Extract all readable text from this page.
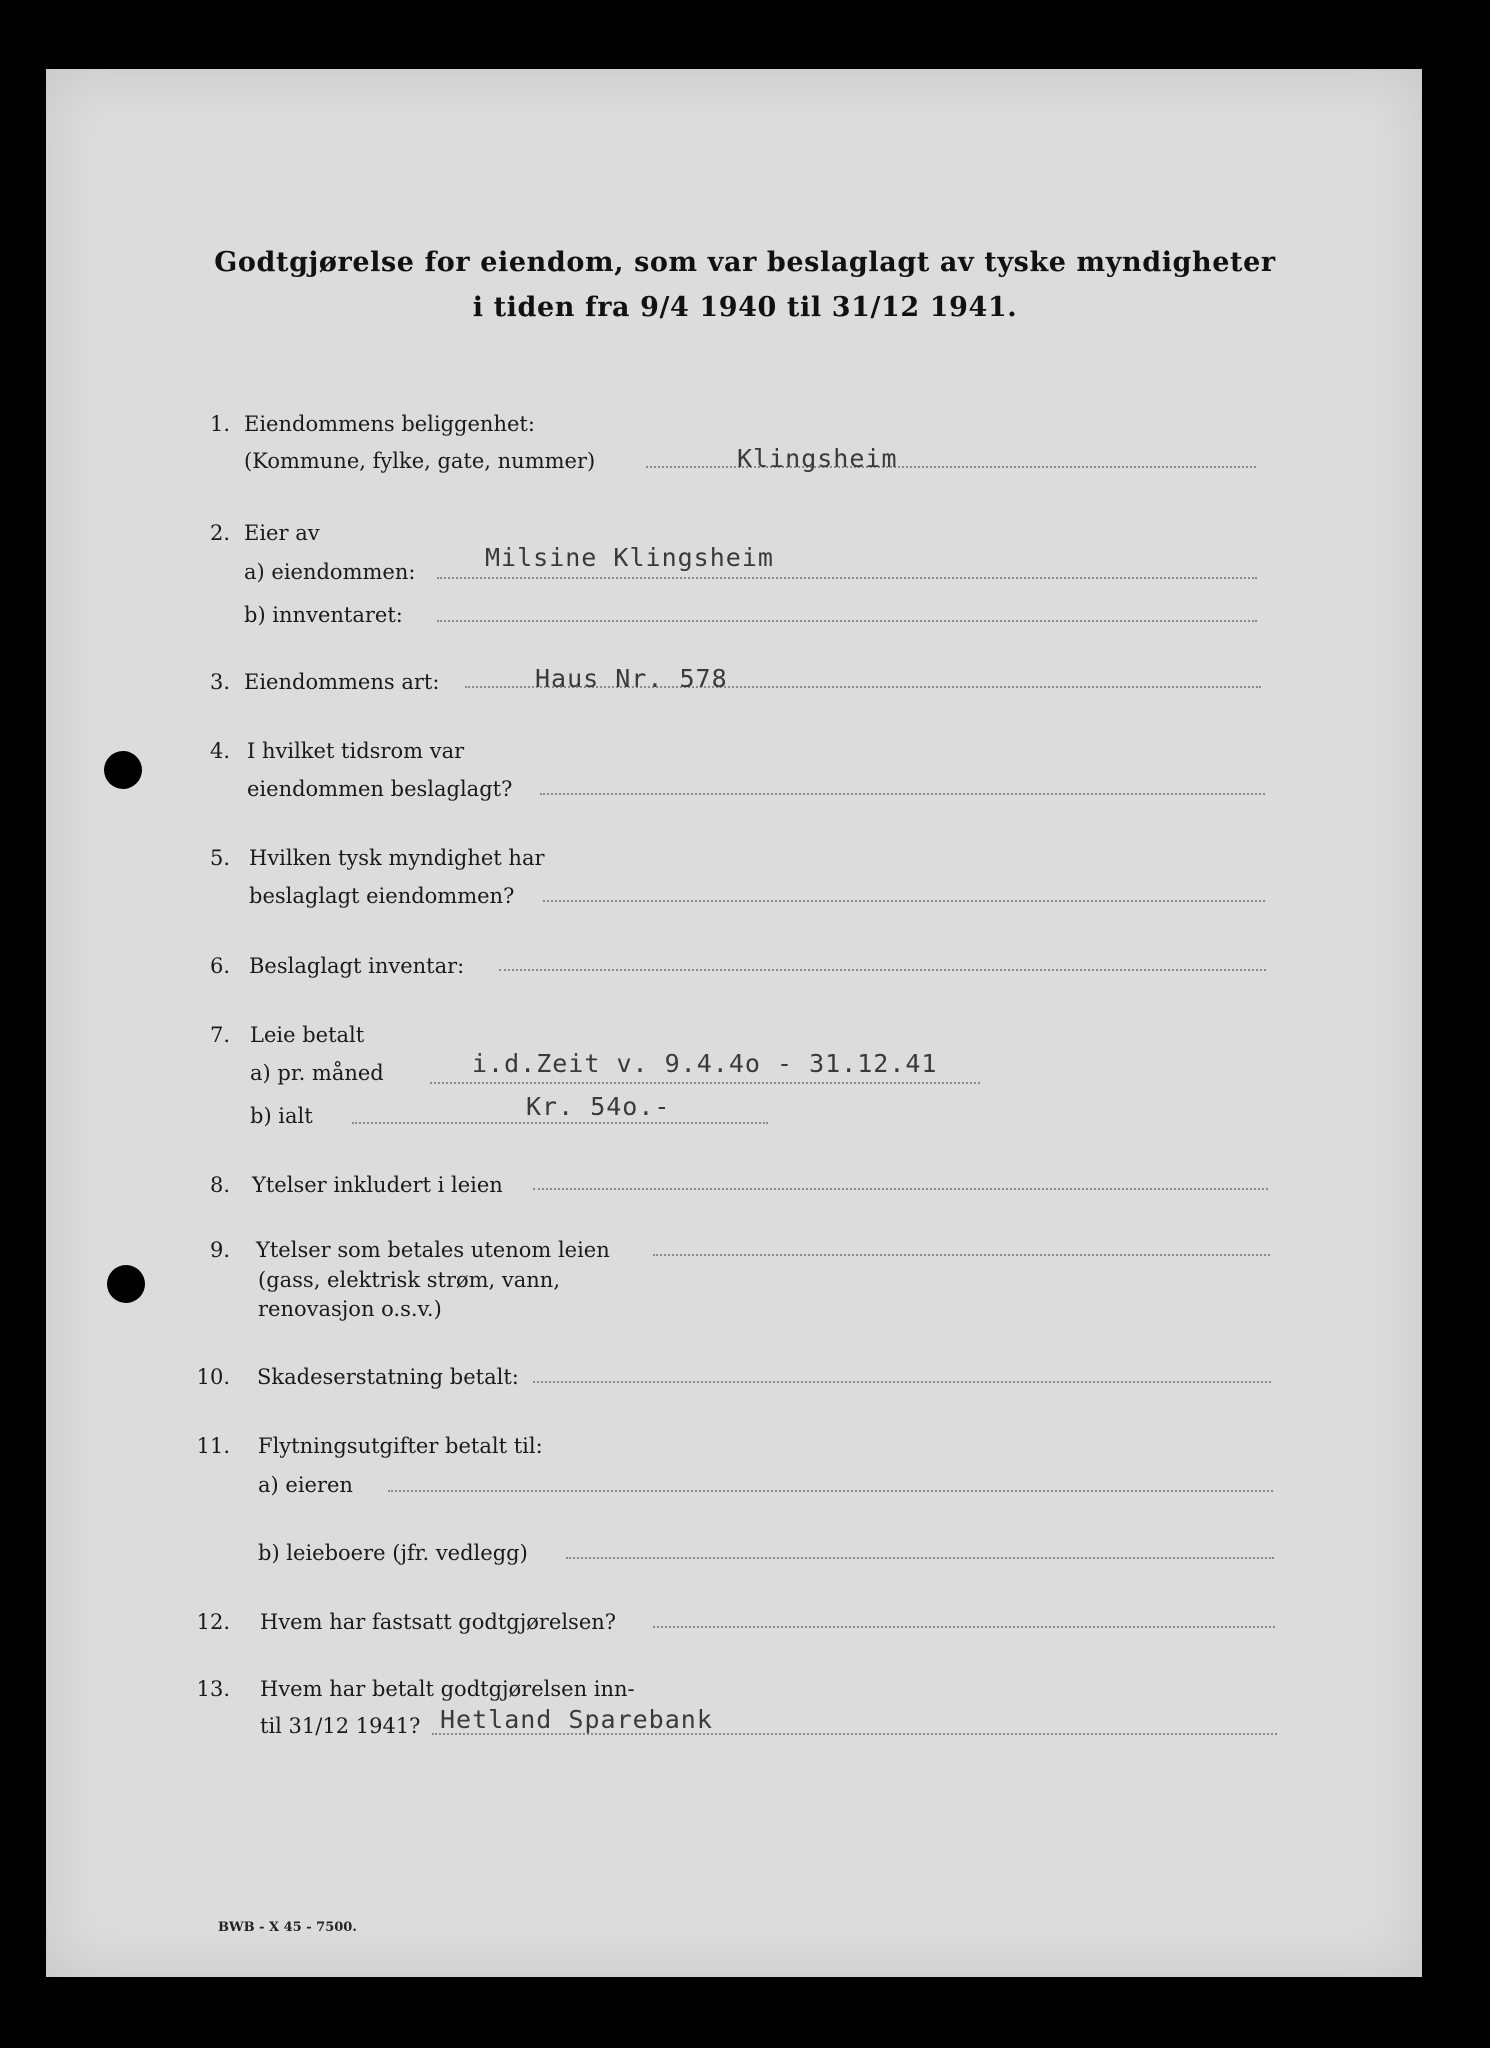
Godtgjørelse for eiendom, som var beslaglagt av tyske myndigheter
i tiden fra 9/4 1940 til 31/12 1941.
1. Eiendommens beliggenhet:
(Kommune, fylke, gate, nummer)	Klingsheim
2. Eier av
a) eiendommen:	Milsine Klingsheim
b) innventaret:
3. Eiendommens art:	Haus Nr. 578
4. I hvilket tidsrom var
eiendommen beslaglagt?
5. Hvilken tysk myndighet har
beslaglagt eiendommen?
6. Beslaglagt inventar:
7. Leie betalt
a) pr. måned	i.d.Zeit v. 9.4.4o - 31.12.41
b) ialt	Kr. 54o.-
8. Ytelser inkludert i leien
9. Ytelser som betales utenom leien
(gass, elektrisk strøm, vann,
renovasjon o.s.v.)
10. Skadeserstatning betalt:
11. Flytningsutgifter betalt til:
a) eieren
b) leieboere (jfr. vedlegg)
12. Hvem har fastsatt godtgjørelsen?
13. Hvem har betalt godtgjørelsen inn-
til 31/12 1941? Hetland Sparebank
BWB - X 45 - 7500.
